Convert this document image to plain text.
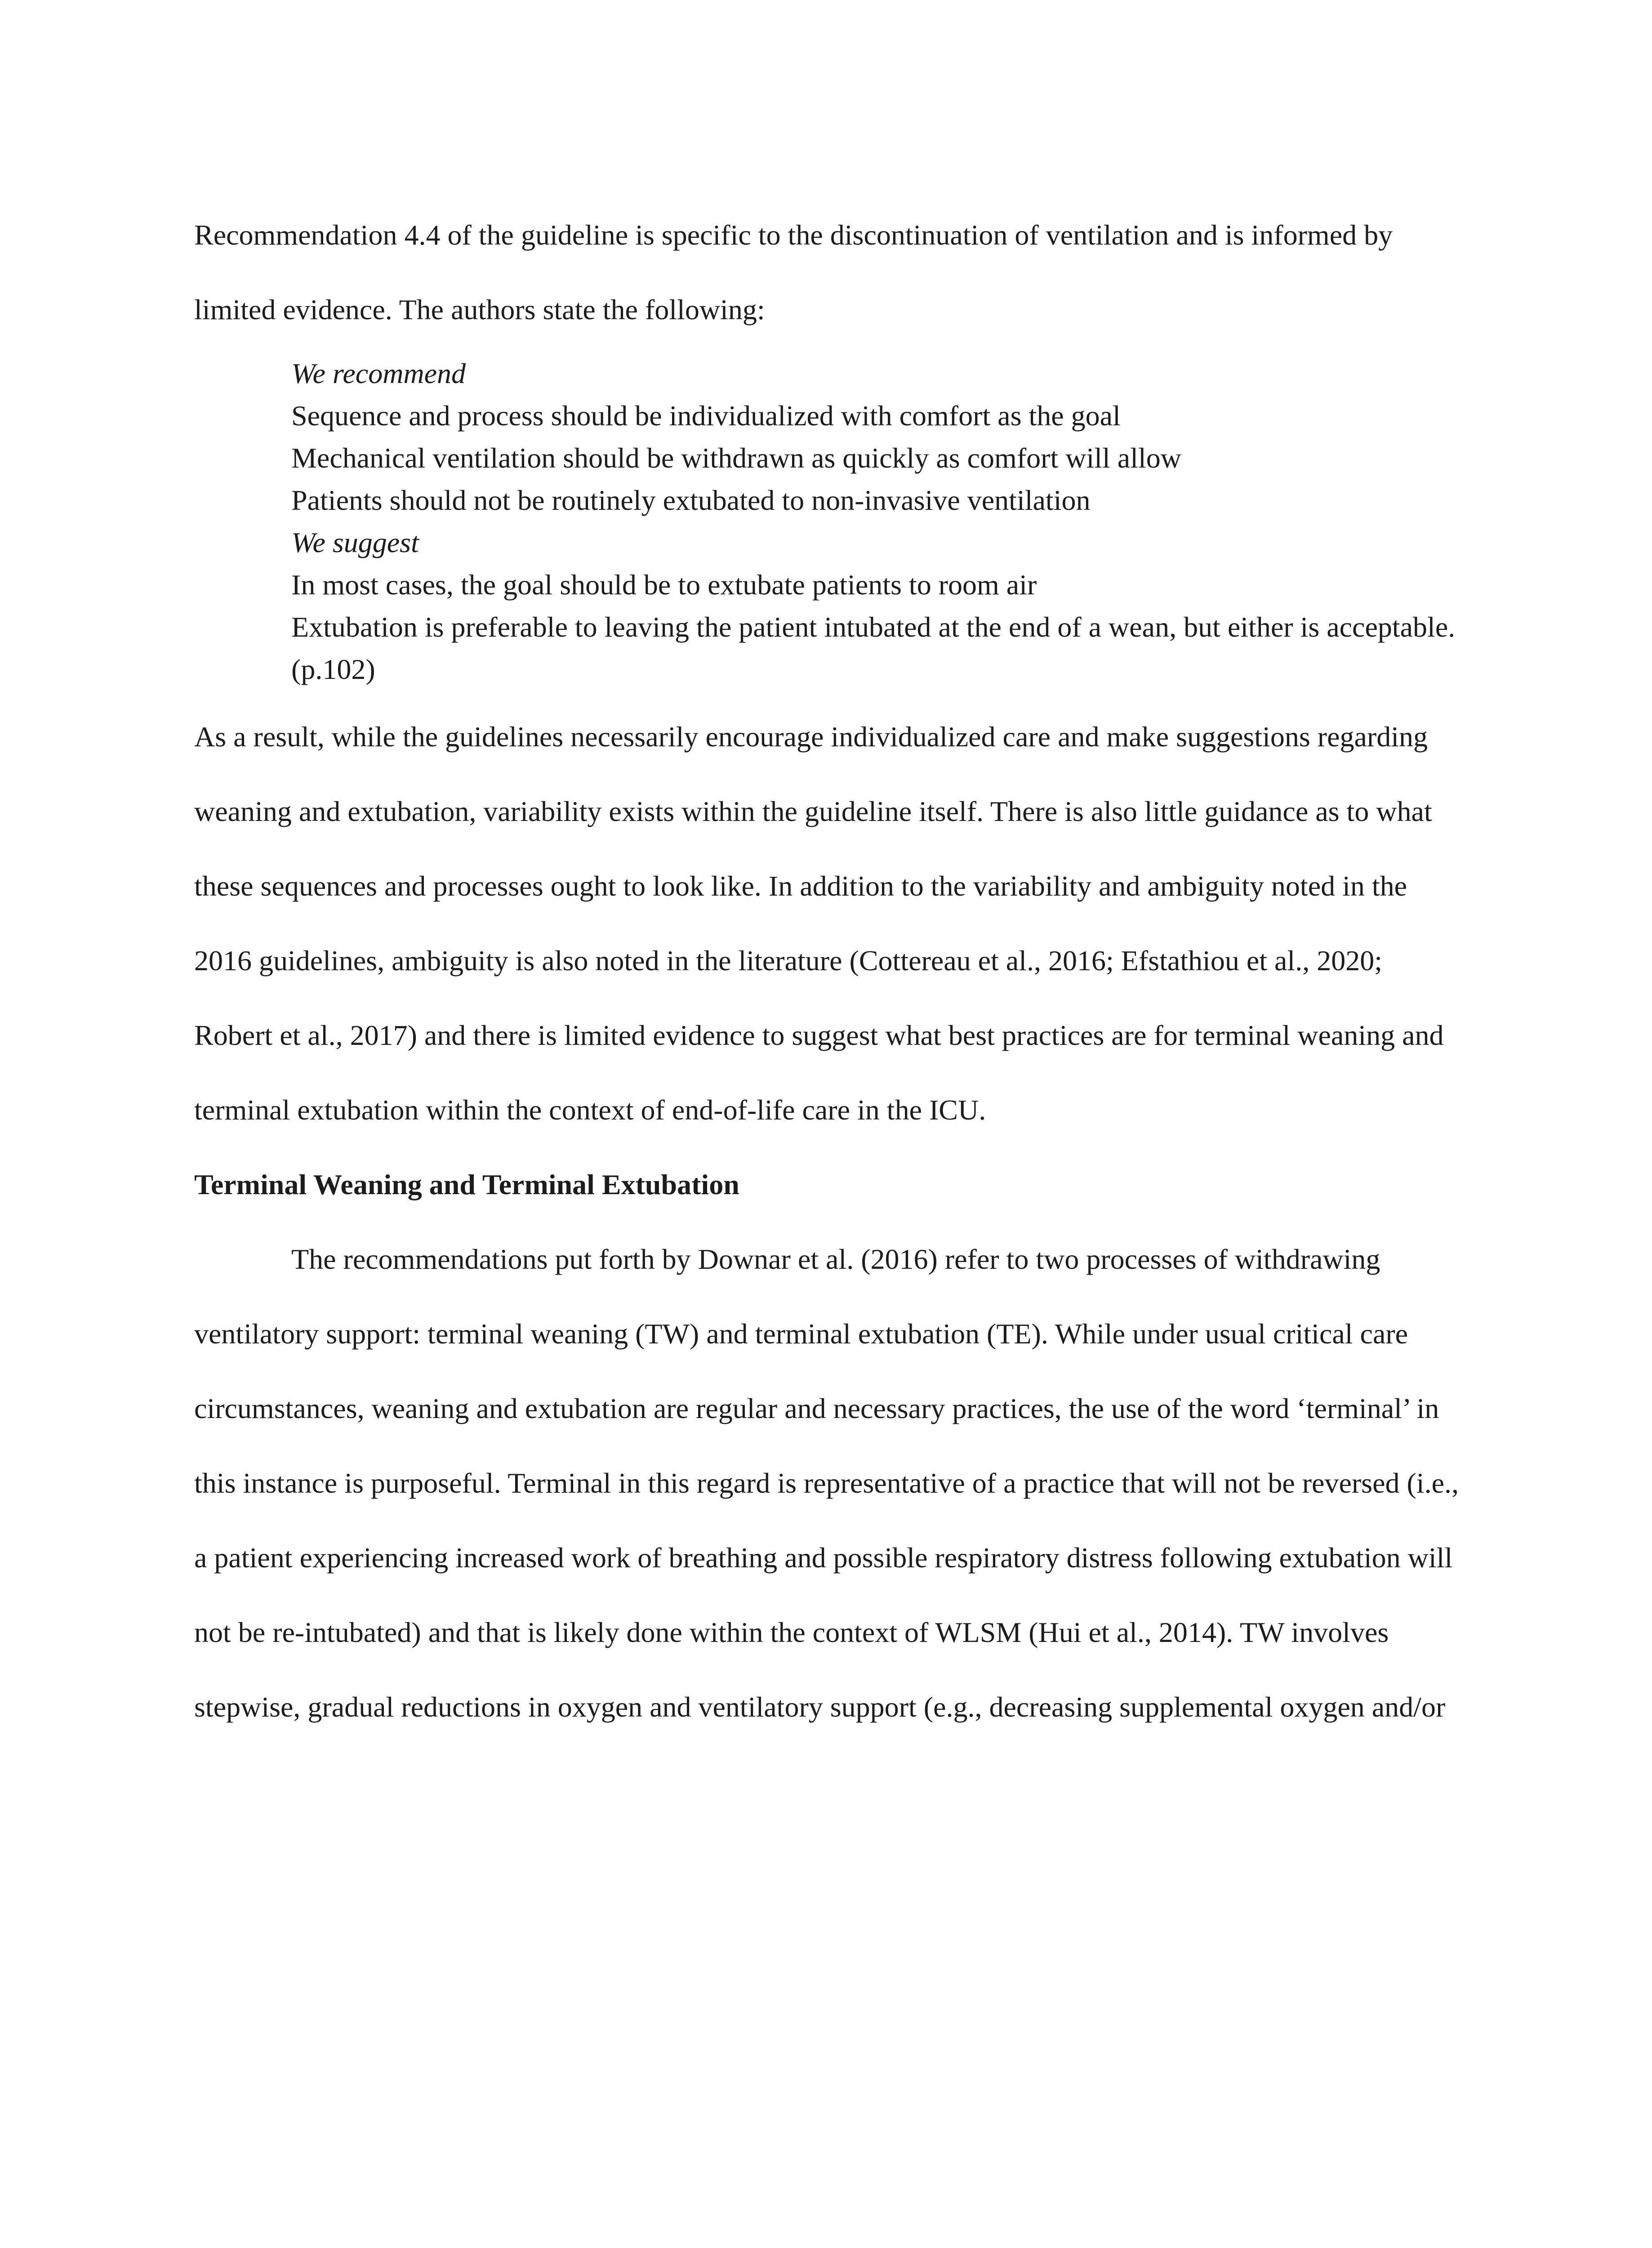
Recommendation 4.4 of the guideline is specific to the discontinuation of ventilation and is informed by limited evidence. The authors state the following:

We recommend
Sequence and process should be individualized with comfort as the goal
Mechanical ventilation should be withdrawn as quickly as comfort will allow
Patients should not be routinely extubated to non-invasive ventilation
We suggest
In most cases, the goal should be to extubate patients to room air
Extubation is preferable to leaving the patient intubated at the end of a wean, but either is acceptable. (p.102)

As a result, while the guidelines necessarily encourage individualized care and make suggestions regarding weaning and extubation, variability exists within the guideline itself. There is also little guidance as to what these sequences and processes ought to look like. In addition to the variability and ambiguity noted in the 2016 guidelines, ambiguity is also noted in the literature (Cottereau et al., 2016; Efstathiou et al., 2020; Robert et al., 2017) and there is limited evidence to suggest what best practices are for terminal weaning and terminal extubation within the context of end-of-life care in the ICU.

Terminal Weaning and Terminal Extubation

The recommendations put forth by Downar et al. (2016) refer to two processes of withdrawing ventilatory support: terminal weaning (TW) and terminal extubation (TE). While under usual critical care circumstances, weaning and extubation are regular and necessary practices, the use of the word ‘terminal’ in this instance is purposeful. Terminal in this regard is representative of a practice that will not be reversed (i.e., a patient experiencing increased work of breathing and possible respiratory distress following extubation will not be re-intubated) and that is likely done within the context of WLSM (Hui et al., 2014). TW involves stepwise, gradual reductions in oxygen and ventilatory support (e.g., decreasing supplemental oxygen and/or
